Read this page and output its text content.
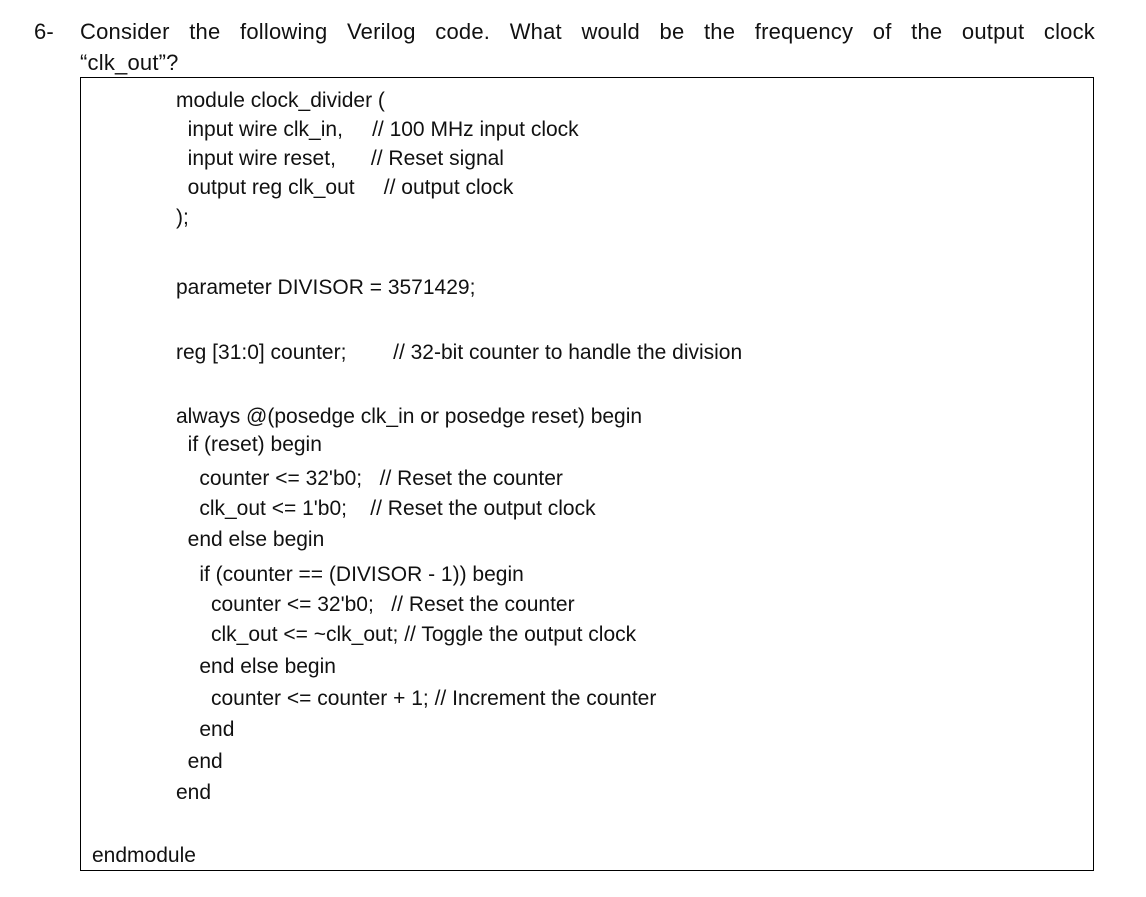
6- Consider the following Verilog code. What would be the frequency of the output clock
“clk_out”?
module clock_divider (
input wire clk_in,     // 100 MHz input clock
input wire reset,      // Reset signal
output reg clk_out     // output clock
);
parameter DIVISOR = 3571429;
reg [31:0] counter;        // 32-bit counter to handle the division
always @(posedge clk_in or posedge reset) begin
if (reset) begin
counter <= 32'b0;   // Reset the counter
clk_out <= 1'b0;    // Reset the output clock
end else begin
if (counter == (DIVISOR - 1)) begin
counter <= 32'b0;   // Reset the counter
clk_out <= ~clk_out; // Toggle the output clock
end else begin
counter <= counter + 1; // Increment the counter
end
end
end
endmodule
